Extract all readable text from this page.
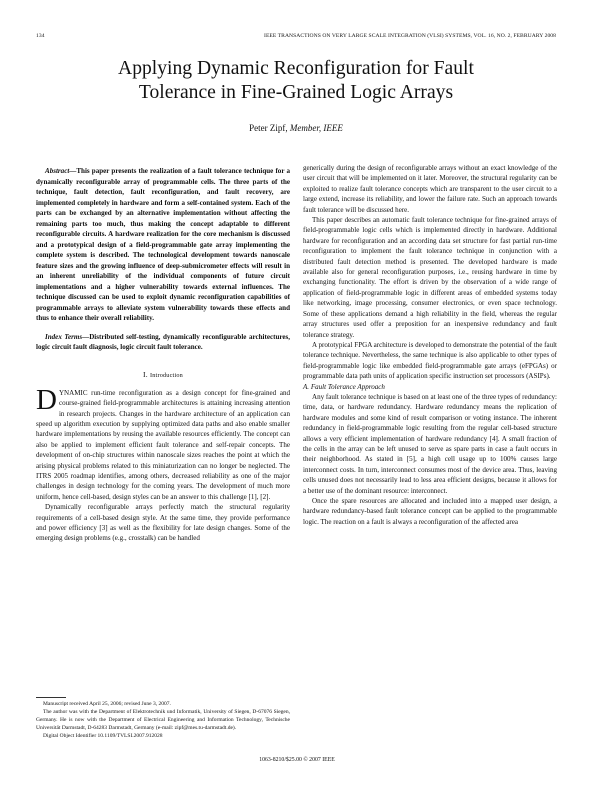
134	IEEE TRANSACTIONS ON VERY LARGE SCALE INTEGRATION (VLSI) SYSTEMS, VOL. 16, NO. 2, FEBRUARY 2008
Applying Dynamic Reconfiguration for Fault
Tolerance in Fine-Grained Logic Arrays
Peter Zipf, Member, IEEE

Abstract—This paper presents the realization of a fault tolerance technique for a dynamically reconfigurable array of programmable cells. The three parts of the technique, fault detection, fault reconfiguration, and fault recovery, are implemented completely in hardware and form a self-contained system. Each of the parts can be exchanged by an alternative implementation without affecting the remaining parts too much, thus making the concept adaptable to different reconfigurable circuits. A hardware realization for the core mechanism is discussed and a prototypical design of a field-programmable gate array implementing the complete system is described. The technological development towards nanoscale feature sizes and the growing influence of deep-submicrometer effects will result in an inherent unreliability of the individual components of future circuit implementations and a higher vulnerability towards external influences. The technique discussed can be used to exploit dynamic reconfiguration capabilities of programmable arrays to alleviate system vulnerability towards these effects and thus to enhance their overall reliability.

Index Terms—Distributed self-testing, dynamically reconfigurable architectures, logic circuit fault diagnosis, logic circuit fault tolerance.

I. Introduction

DYNAMIC run-time reconfiguration as a design concept for fine-grained and course-grained field-programmable architectures is attaining increasing attention in research projects. Changes in the hardware architecture of an application can speed up algorithm execution by supplying optimized data paths and also enable smaller hardware implementations by reusing the available resources efficiently. The concept can also be applied to implement efficient fault tolerance and self-repair concepts. The development of on-chip structures within nanoscale sizes reaches the point at which the arising physical problems related to this miniaturization can no longer be neglected. The ITRS 2005 roadmap identifies, among others, decreased reliability as one of the major challenges in design technology for the coming years. The development of much more uniform, hence cell-based, design styles can be an answer to this challenge [1], [2].

Dynamically reconfigurable arrays perfectly match the structural regularity requirements of a cell-based design style. At the same time, they provide performance and power efficiency [3] as well as the flexibility for late design changes. Some of the emerging design problems (e.g., crosstalk) can be handled

Manuscript received April 25, 2006; revised June 3, 2007.

The author was with the Department of Elektrotechnik und Informatik, University of Siegen, D-67076 Siegen, Germany. He is now with the Department of Electrical Engineering and Information Technology, Technische Universität Darmstadt, D-64283 Darmstadt, Germany (e-mail: zipf@mes.tu-darmstadt.de).

Digital Object Identifier 10.1109/TVLSI.2007.912028

generically during the design of reconfigurable arrays without an exact knowledge of the user circuit that will be implemented on it later. Moreover, the structural regularity can be exploited to realize fault tolerance concepts which are transparent to the user circuit to a large extend, increase its reliability, and lower the failure rate. Such an approach towards fault tolerance will be discussed here.

This paper describes an automatic fault tolerance technique for fine-grained arrays of field-programmable logic cells which is implemented directly in hardware. Additional hardware for reconfiguration and an according data set structure for fast partial run-time reconfiguration to implement the fault tolerance technique in conjunction with a distributed fault detection method is presented. The developed hardware is made available also for general reconfiguration purposes, i.e., reusing hardware in time by exchanging functionality. The effort is driven by the observation of a wide range of application of field-programmable logic in different areas of embedded systems today like networking, image processing, consumer electronics, or even space technology. Some of these applications demand a high reliability in the field, whereas the regular array structures used offer a preposition for an inexpensive redundancy and fault tolerance strategy.

A prototypical FPGA architecture is developed to demonstrate the potential of the fault tolerance technique. Nevertheless, the same technique is also applicable to other types of field-programmable logic like embedded field-programmable gate arrays (eFPGAs) or programmable data path units of application specific instruction set processors (ASIPs).

A. Fault Tolerance Approach

Any fault tolerance technique is based on at least one of the three types of redundancy: time, data, or hardware redundancy. Hardware redundancy means the replication of hardware modules and some kind of result comparison or voting instance. The inherent redundancy in field-programmable logic resulting from the regular cell-based structure allows a very efficient implementation of hardware redundancy [4]. A small fraction of the cells in the array can be left unused to serve as spare parts in case a fault occurs in their neighborhood. As stated in [5], a high cell usage up to 100% causes large interconnect costs. In turn, interconnect consumes most of the device area. Thus, leaving cells unused does not necessarily lead to less area efficient designs, because it allows for a better use of the dominant resource: interconnect.

Once the spare resources are allocated and included into a mapped user design, a hardware redundancy-based fault tolerance concept can be applied to the programmable logic. The reaction on a fault is always a reconfiguration of the affected area

1063-8210/$25.00 © 2007 IEEE
